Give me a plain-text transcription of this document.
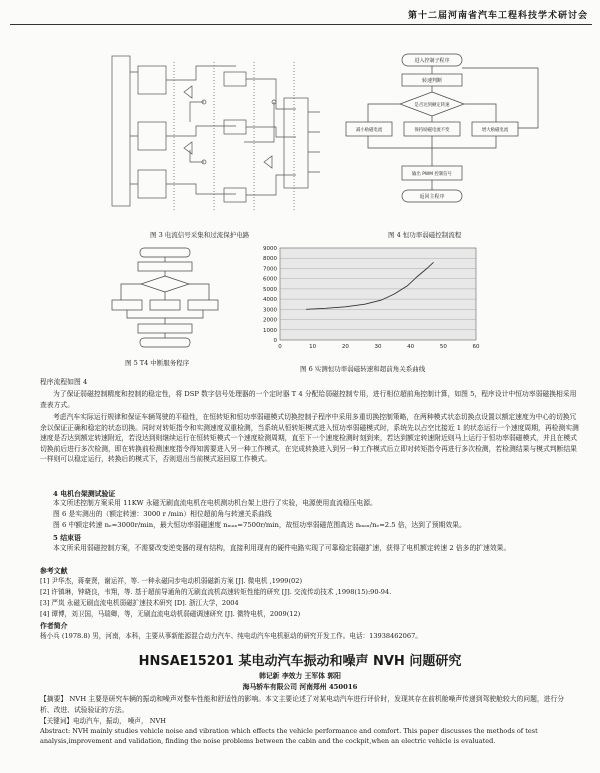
第十二届河南省汽车工程科技学术研讨会
图 3 电流信号采集和过流保护电路
进入控制子程序
转速判断
是否达到额定转速
减小励磁电流	增大励磁电流
保持励磁电流不变
输出 PWM 控制信号
返回主程序
图 4 恒功率弱磁控制流程
图 5 T4 中断服务程序
0
1000
2000
3000
4000
5000
6000
7000
8000
9000
0	10	20	30	40	50	60
图 6 实测恒功率弱磁转速和超前角关系曲线
程序流程如图 4
为了保证弱磁控制精度和控制的稳定性，将 DSP 数字信号处理器的一个定时器 T 4 分配给弱磁控制专用，进行相位超前角控制计算，如图 5，程序设计中恒功率弱磁换相采用查表方式。
考虑汽车实际运行规律和保证车辆驾驶的平稳性，在恒转矩和恒功率弱磁模式切换控制子程序中采用多重切换控制策略，在两种模式状态切换点设置以额定速度为中心的切换冗余以保证正确和稳定的状态切换。同时对转矩指令和实测速度双重检测，当系统从恒转矩模式进入恒功率弱磁模式时，系统先以占空比接近 1 的状态运行一个速度周期，再检测实测速度是否达到额定转速附近，若没达到则继续运行在恒转矩模式一个速度检测周期，直至下一个速度检测时刻到来，若达到额定转速附近则马上运行于恒功率弱磁模式，并且在模式切换前后进行多次检测，即在转换前检测速度指令得知需要进入另一种工作模式，在完成转换进入到另一种工作模式后立即对转矩指令再进行多次检测，若检测结果与模式判断结果一样则可以稳定运行，转换后的模式下，否则退出当前模式返回原工作模式。
4 电机台架测试验证
本文所述控制方案采用 11KW 永磁无刷直流电机在电机测功机台架上进行了实验，电源使用直流稳压电源。
图 6 是实测出的（额定转速：3000 r /min）相位超前角与转速关系曲线
图 6 中额定转速 nₑ=3000r/min，最大恒功率弱磁速度 nₘₐₓ=7500r/min，故恒功率弱磁范围高达 nₘₐₓ/nₑ=2.5 倍，达到了预期效果。
5 结束语
本文所采用弱磁控制方案，不需要改变逆变器的现有结构，直接利用现有的硬件电路实现了可靠稳定弱磁扩速，获得了电机额定转速 2 倍多的扩速效果。
参考文献
[1] 尹华杰，蒋豪贤，谢运祥，等. 一种永磁同步电动机弱磁新方案 [J]. 微电机 ,1999(02)
[2] 许镇琳，钟晓良，韦翔，等. 基于超前导通角的无刷直流机高速转矩性能的研究 [J]. 交流传动技术 ,1998(15):90-94.
[3] 严岚 永磁无刷直流电机弱磁扩速技术研究 [D]. 浙江大学，2004
[4] 谭博，刘卫国，马瑞卿，等，无刷直流电动机弱磁调速研究 [J]. 微特电机，2009(12)
作者简介
杨小兵 (1978.8) 男，河南，本科，主要从事新能源混合动力汽车、纯电动汽车电机驱动的研究开发工作。电话：13938462067。
HNSAE15201 某电动汽车振动和噪声 NVH 问题研究
韩记新 李效力 王军体 郭阳
海马轿车有限公司 河南郑州 450016
【摘要】 NVH 主要是研究车辆的振动和噪声对整车性能和舒适性的影响。本文主要论述了对某电动汽车进行评价时，发现其存在前机舱噪声传递到驾驶舱较大的问题，进行分析、改进、试验验证的方法。
【关键词】电动汽车，振动， 噪声， NVH
Abstract: NVH mainly studies vehicle noise and vibration which effects the vehicle performance and comfort. This paper discusses the methods of test analysis,improvement and validation, finding the noise problems between the cabin and the cockpit,when an electric vehicle is evaluated.
